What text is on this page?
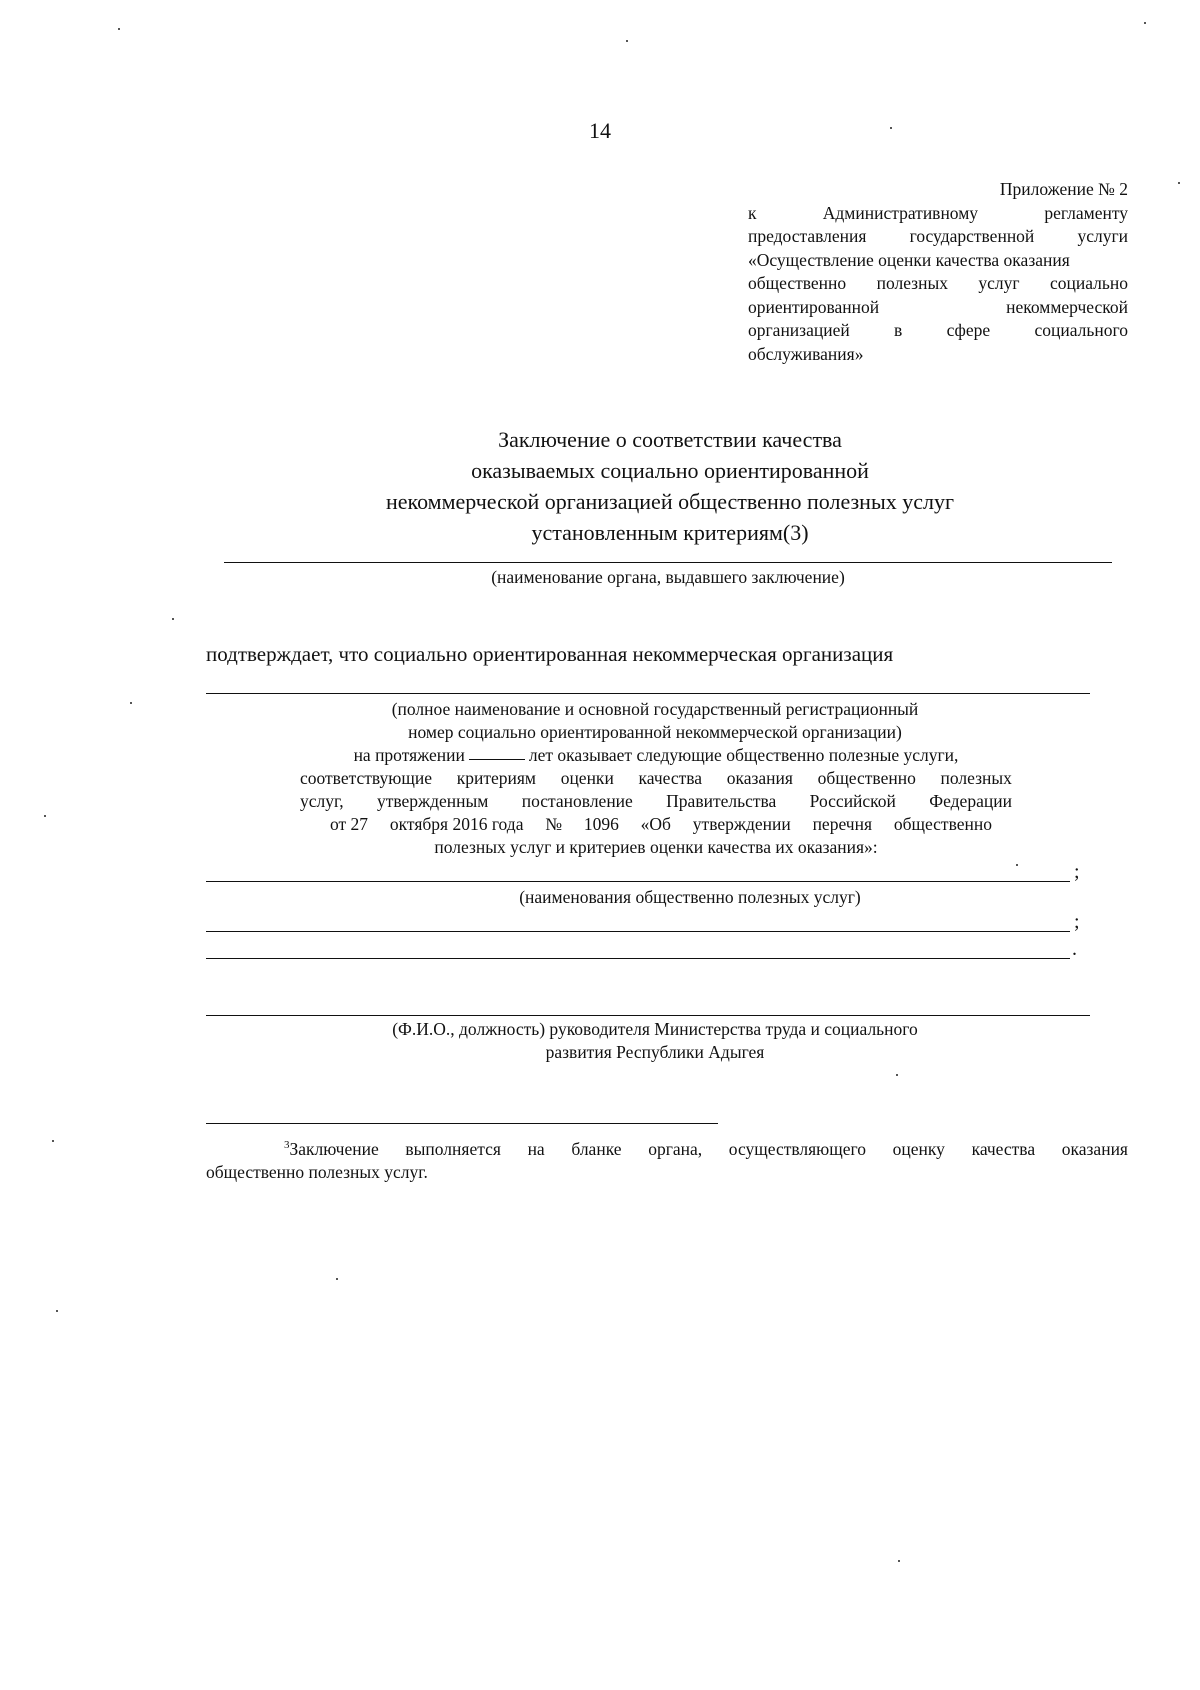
14
Приложение № 2
к	Административному	регламенту
предоставления государственной услуги
«Осуществление оценки качества оказания
общественно полезных услуг социально
ориентированной	некоммерческой
организацией	в	сфере	социального
обслуживания»
Заключение о соответствии качества
оказываемых социально ориентированной
некоммерческой организацией общественно полезных услуг
установленным критериям(3)
(наименование органа, выдавшего заключение)
подтверждает, что социально ориентированная некоммерческая организация
(полное наименование и основной государственный регистрационный
номер социально ориентированной некоммерческой организации)
на протяжении	лет оказывает следующие общественно полезные услуги,
соответствующие критериям оценки качества оказания общественно полезных
услуг, утвержденным постановление Правительства Российской Федерации
от 27 октября 2016 года № 1096 «Об утверждении перечня общественно
полезных услуг и критериев оценки качества их оказания»:
;
(наименования общественно полезных услуг)
;
.
(Ф.И.О., должность) руководителя Министерства труда и социального
развития Республики Адыгея
$^3$Заключение выполняется на бланке органа, осуществляющего оценку качества оказания
общественно полезных услуг.
